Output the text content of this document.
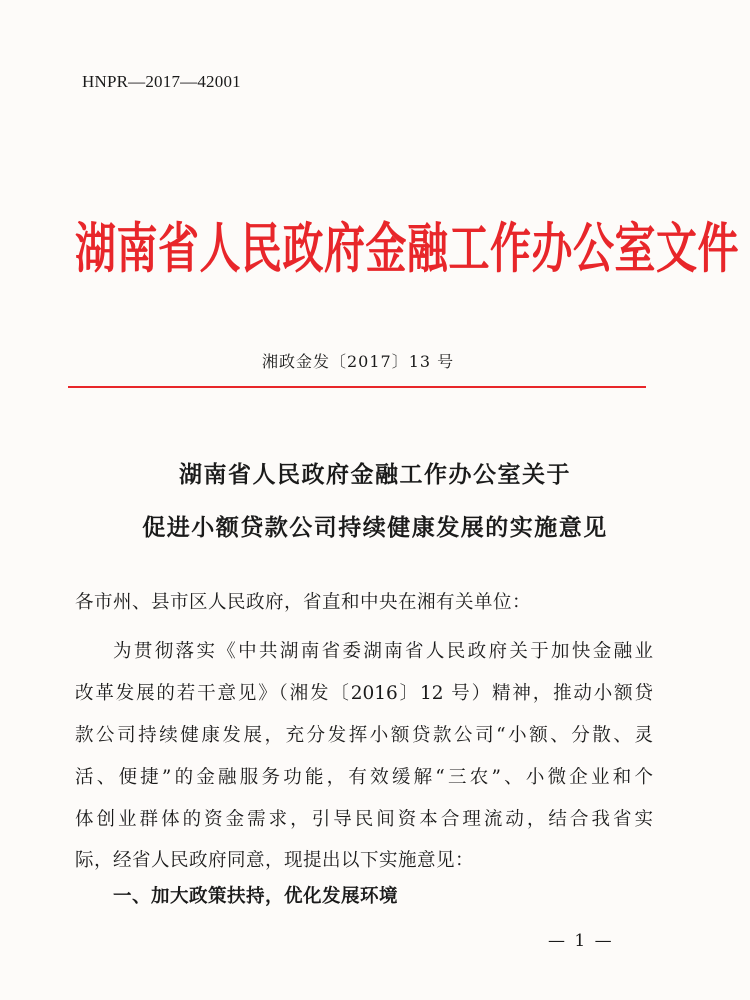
HNPR—2017—42001
湖南省人民政府金融工作办公室文件
湘政金发〔2017〕13 号
湖南省人民政府金融工作办公室关于
促进小额贷款公司持续健康发展的实施意见
各市州、县市区人民政府，省直和中央在湘有关单位：
为贯彻落实《中共湖南省委湖南省人民政府关于加快金融业
改革发展的若干意见》（湘发〔2016〕12 号）精神，推动小额贷
款公司持续健康发展，充分发挥小额贷款公司“小额、分散、灵
活、便捷”的金融服务功能，有效缓解“三农”、小微企业和个
体创业群体的资金需求，引导民间资本合理流动，结合我省实
际，经省人民政府同意，现提出以下实施意见：
一、加大政策扶持，优化发展环境
— 1 —
